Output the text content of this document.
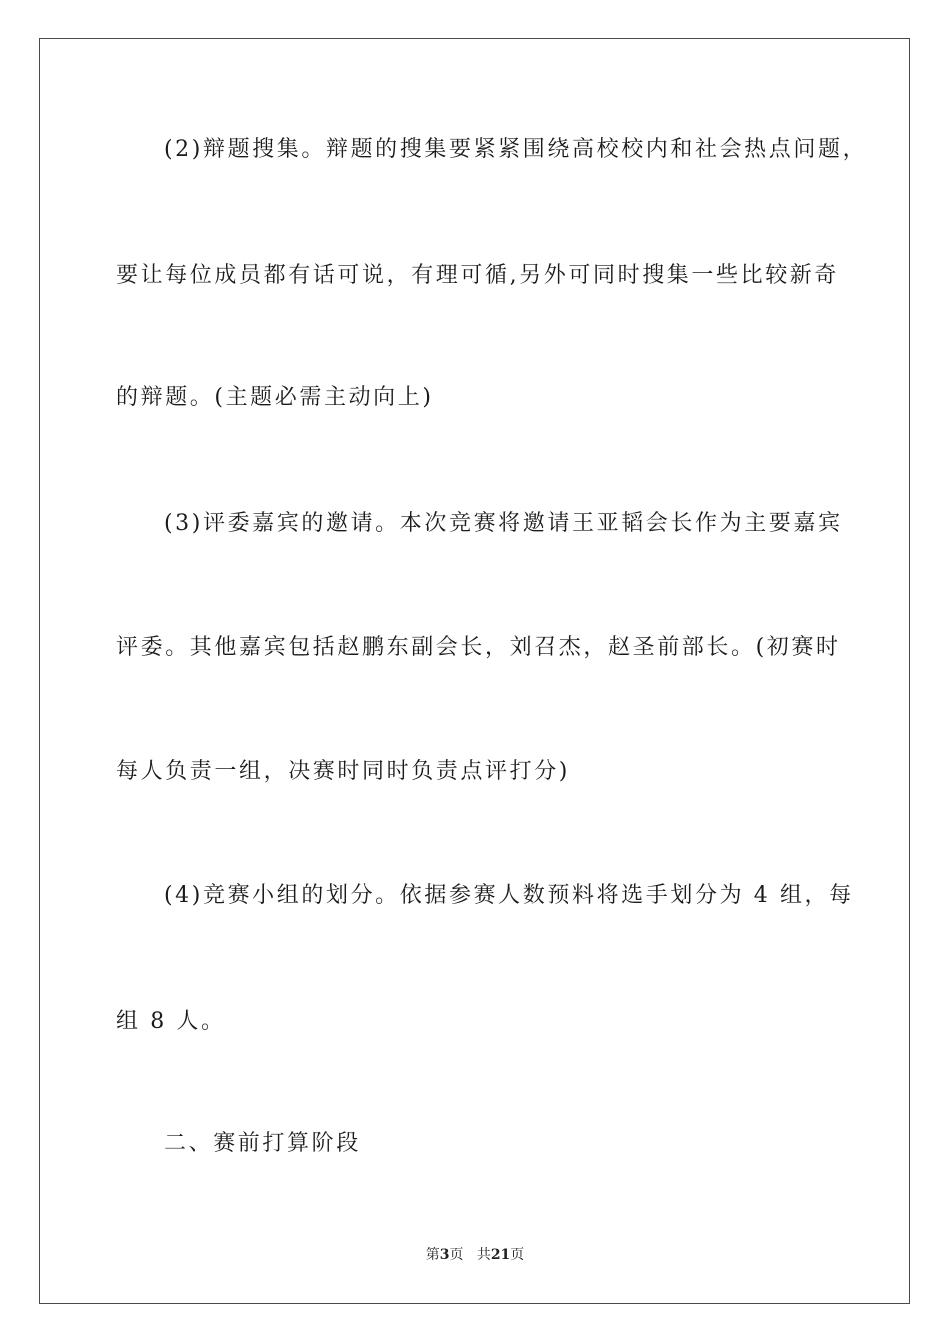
(2)辩题搜集。辩题的搜集要紧紧围绕高校校内和社会热点问题，
要让每位成员都有话可说，有理可循,另外可同时搜集一些比较新奇
的辩题。(主题必需主动向上)
(3)评委嘉宾的邀请。本次竞赛将邀请王亚韬会长作为主要嘉宾
评委。其他嘉宾包括赵鹏东副会长，刘召杰，赵圣前部长。(初赛时
每人负责一组，决赛时同时负责点评打分)
(4)竞赛小组的划分。依据参赛人数预料将选手划分为 4 组，每
组 8 人。
二、赛前打算阶段
第3页 共21页
